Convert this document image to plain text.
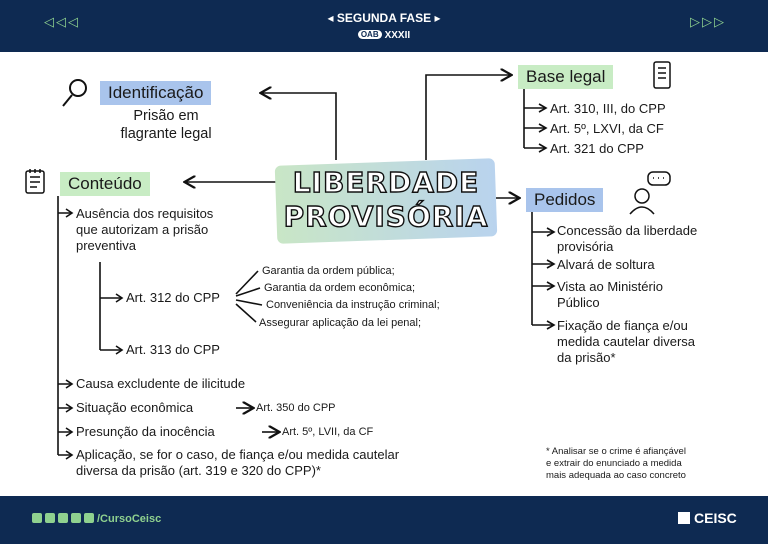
◁◁◁	▷▷▷
◂ SEGUNDA FASE ▸
OAB XXXII
LIBERDADE
PROVISÓRIA
Identificação
Prisão em
flagrante legal
Base legal
Art. 310, III, do CPP
Art. 5º, LXVI, da CF
Art. 321 do CPP
Pedidos
Concessão da liberdade
provisória
Alvará de soltura
Vista ao Ministério
Público
Fixação de fiança e/ou
medida cautelar diversa
da prisão*
Conteúdo
Ausência dos requisitos
que autorizam a prisão
preventiva
Art. 312 do CPP
Garantia da ordem pública;
Garantia da ordem econômica;
Conveniência da instrução criminal;
Assegurar aplicação da lei penal;
Art. 313 do CPP
Causa excludente de ilicitude
Situação econômica	Art. 350 do CPP
Presunção da inocência	Art. 5º, LVII, da CF
Aplicação, se for o caso, de fiança e/ou medida cautelar
diversa da prisão (art. 319 e 320 do CPP)*
* Analisar se o crime é afiançável
e extrair do enunciado a medida
mais adequada ao caso concreto
/CursoCeisc	CEISC
